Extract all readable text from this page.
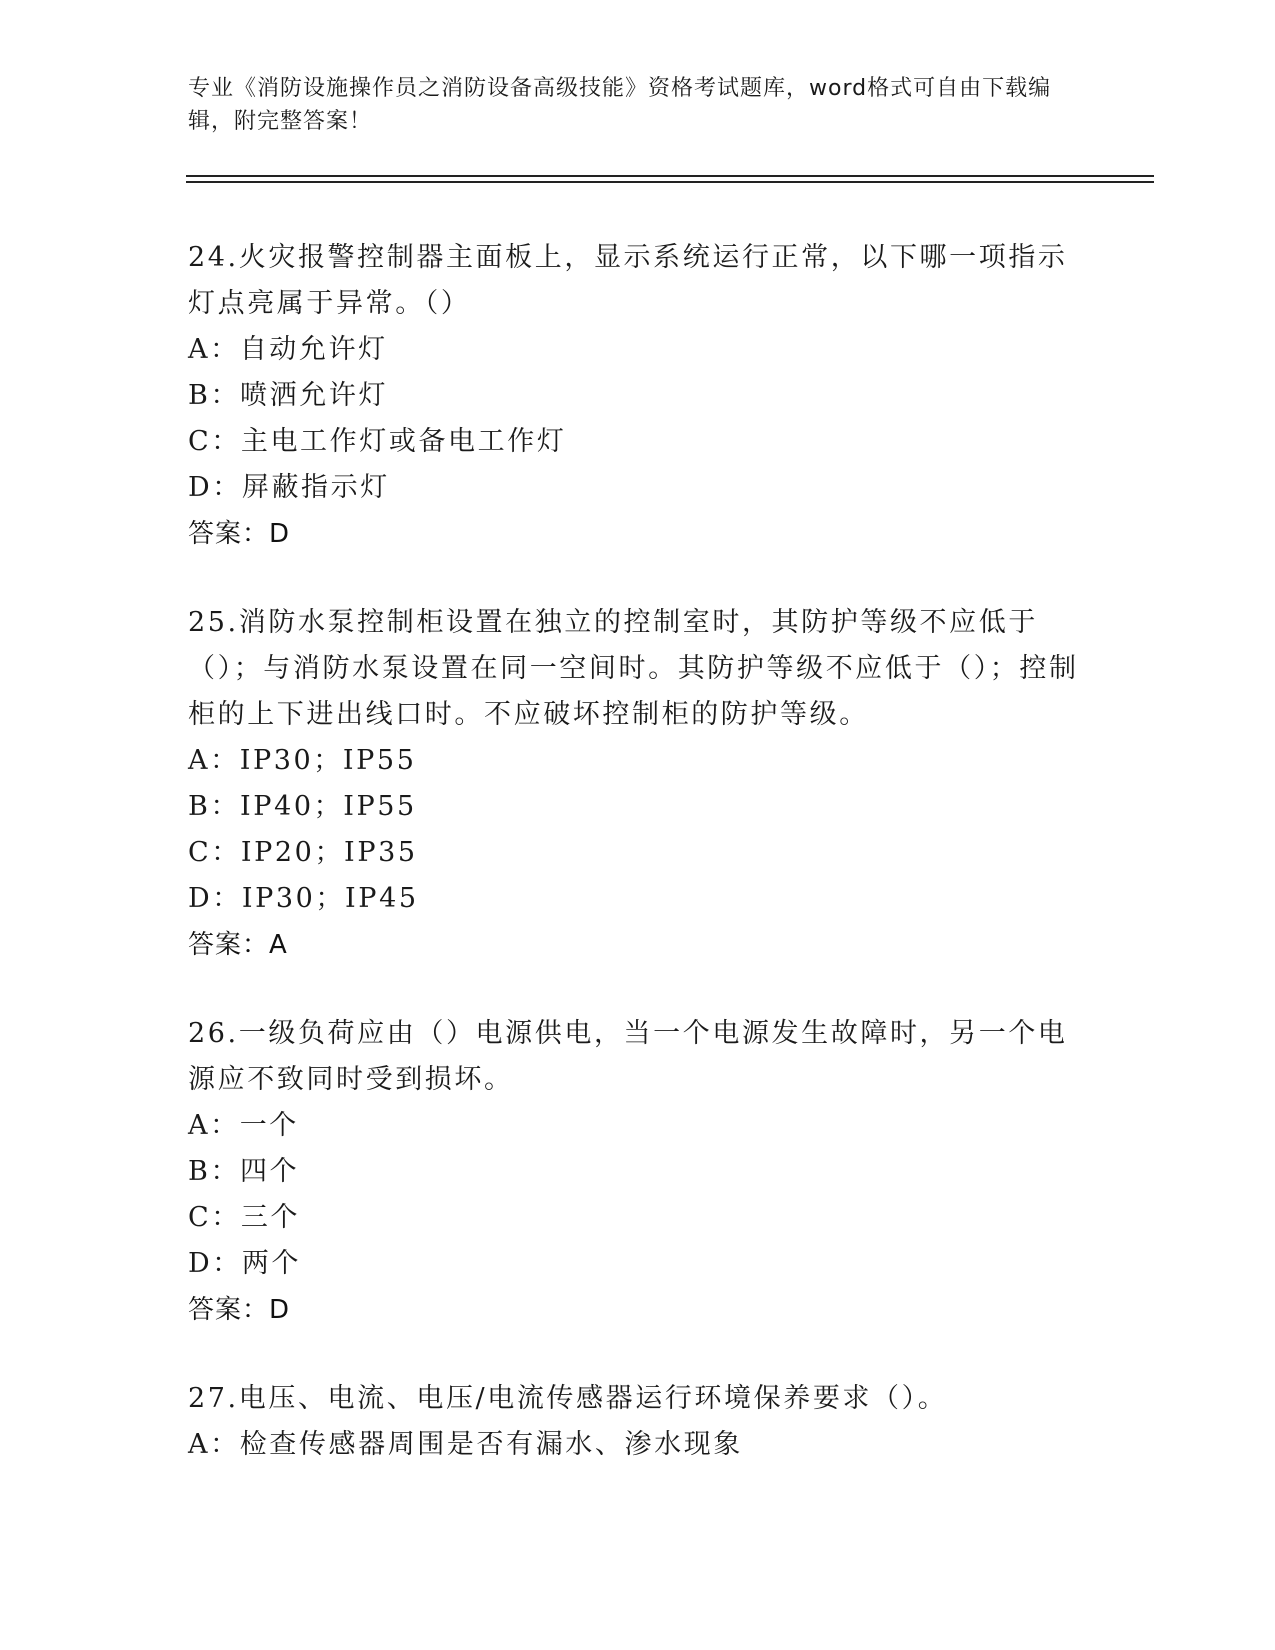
专业《消防设施操作员之消防设备高级技能》资格考试题库，word格式可自由下载编辑，附完整答案！

24.火灾报警控制器主面板上，显示系统运行正常，以下哪一项指示灯点亮属于异常。（）

A：自动允许灯
B：喷洒允许灯
C：主电工作灯或备电工作灯
D：屏蔽指示灯
答案：D

25.消防水泵控制柜设置在独立的控制室时，其防护等级不应低于（）；与消防水泵设置在同一空间时。其防护等级不应低于（）；控制柜的上下进出线口时。不应破坏控制柜的防护等级。

A：IP30；IP55
B：IP40；IP55
C：IP20；IP35
D：IP30；IP45
答案：A

26.一级负荷应由（）电源供电，当一个电源发生故障时，另一个电源应不致同时受到损坏。

A：一个
B：四个
C：三个
D：两个
答案：D

27.电压、电流、电压/电流传感器运行环境保养要求（）。

A：检查传感器周围是否有漏水、渗水现象
